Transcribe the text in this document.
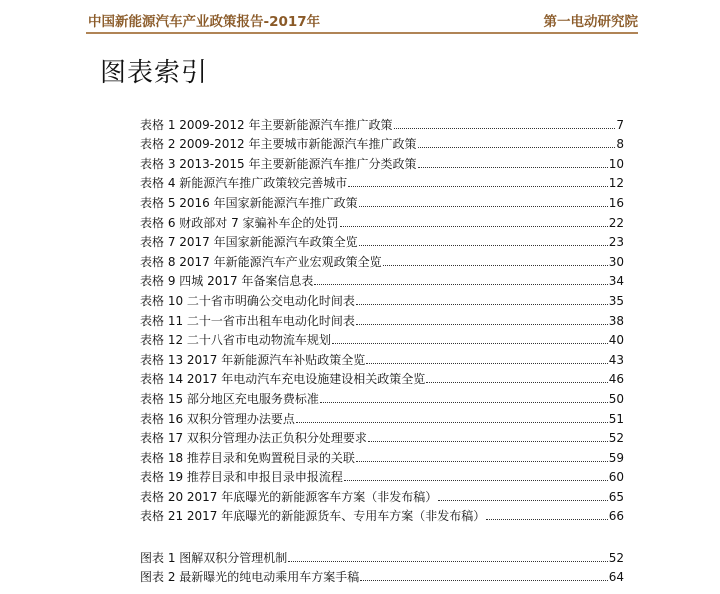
中国新能源汽车产业政策报告-2017年	第一电动研究院
图表索引
表格 1 2009-2012 年主要新能源汽车推广政策	7
表格 2 2009-2012 年主要城市新能源汽车推广政策	8
表格 3 2013-2015 年主要新能源汽车推广分类政策	10
表格 4 新能源汽车推广政策较完善城市	12
表格 5 2016 年国家新能源汽车推广政策	16
表格 6 财政部对 7 家骗补车企的处罚	22
表格 7 2017 年国家新能源汽车政策全览	23
表格 8 2017 年新能源汽车产业宏观政策全览	30
表格 9 四城 2017 年备案信息表	34
表格 10 二十省市明确公交电动化时间表	35
表格 11 二十一省市出租车电动化时间表	38
表格 12 二十八省市电动物流车规划	40
表格 13 2017 年新能源汽车补贴政策全览	43
表格 14 2017 年电动汽车充电设施建设相关政策全览	46
表格 15 部分地区充电服务费标准	50
表格 16 双积分管理办法要点	51
表格 17 双积分管理办法正负积分处理要求	52
表格 18 推荐目录和免购置税目录的关联	59
表格 19 推荐目录和申报目录申报流程	60
表格 20 2017 年底曝光的新能源客车方案（非发布稿）	65
表格 21 2017 年底曝光的新能源货车、专用车方案（非发布稿）	66
图表 1 图解双积分管理机制	52
图表 2 最新曝光的纯电动乘用车方案手稿	64
